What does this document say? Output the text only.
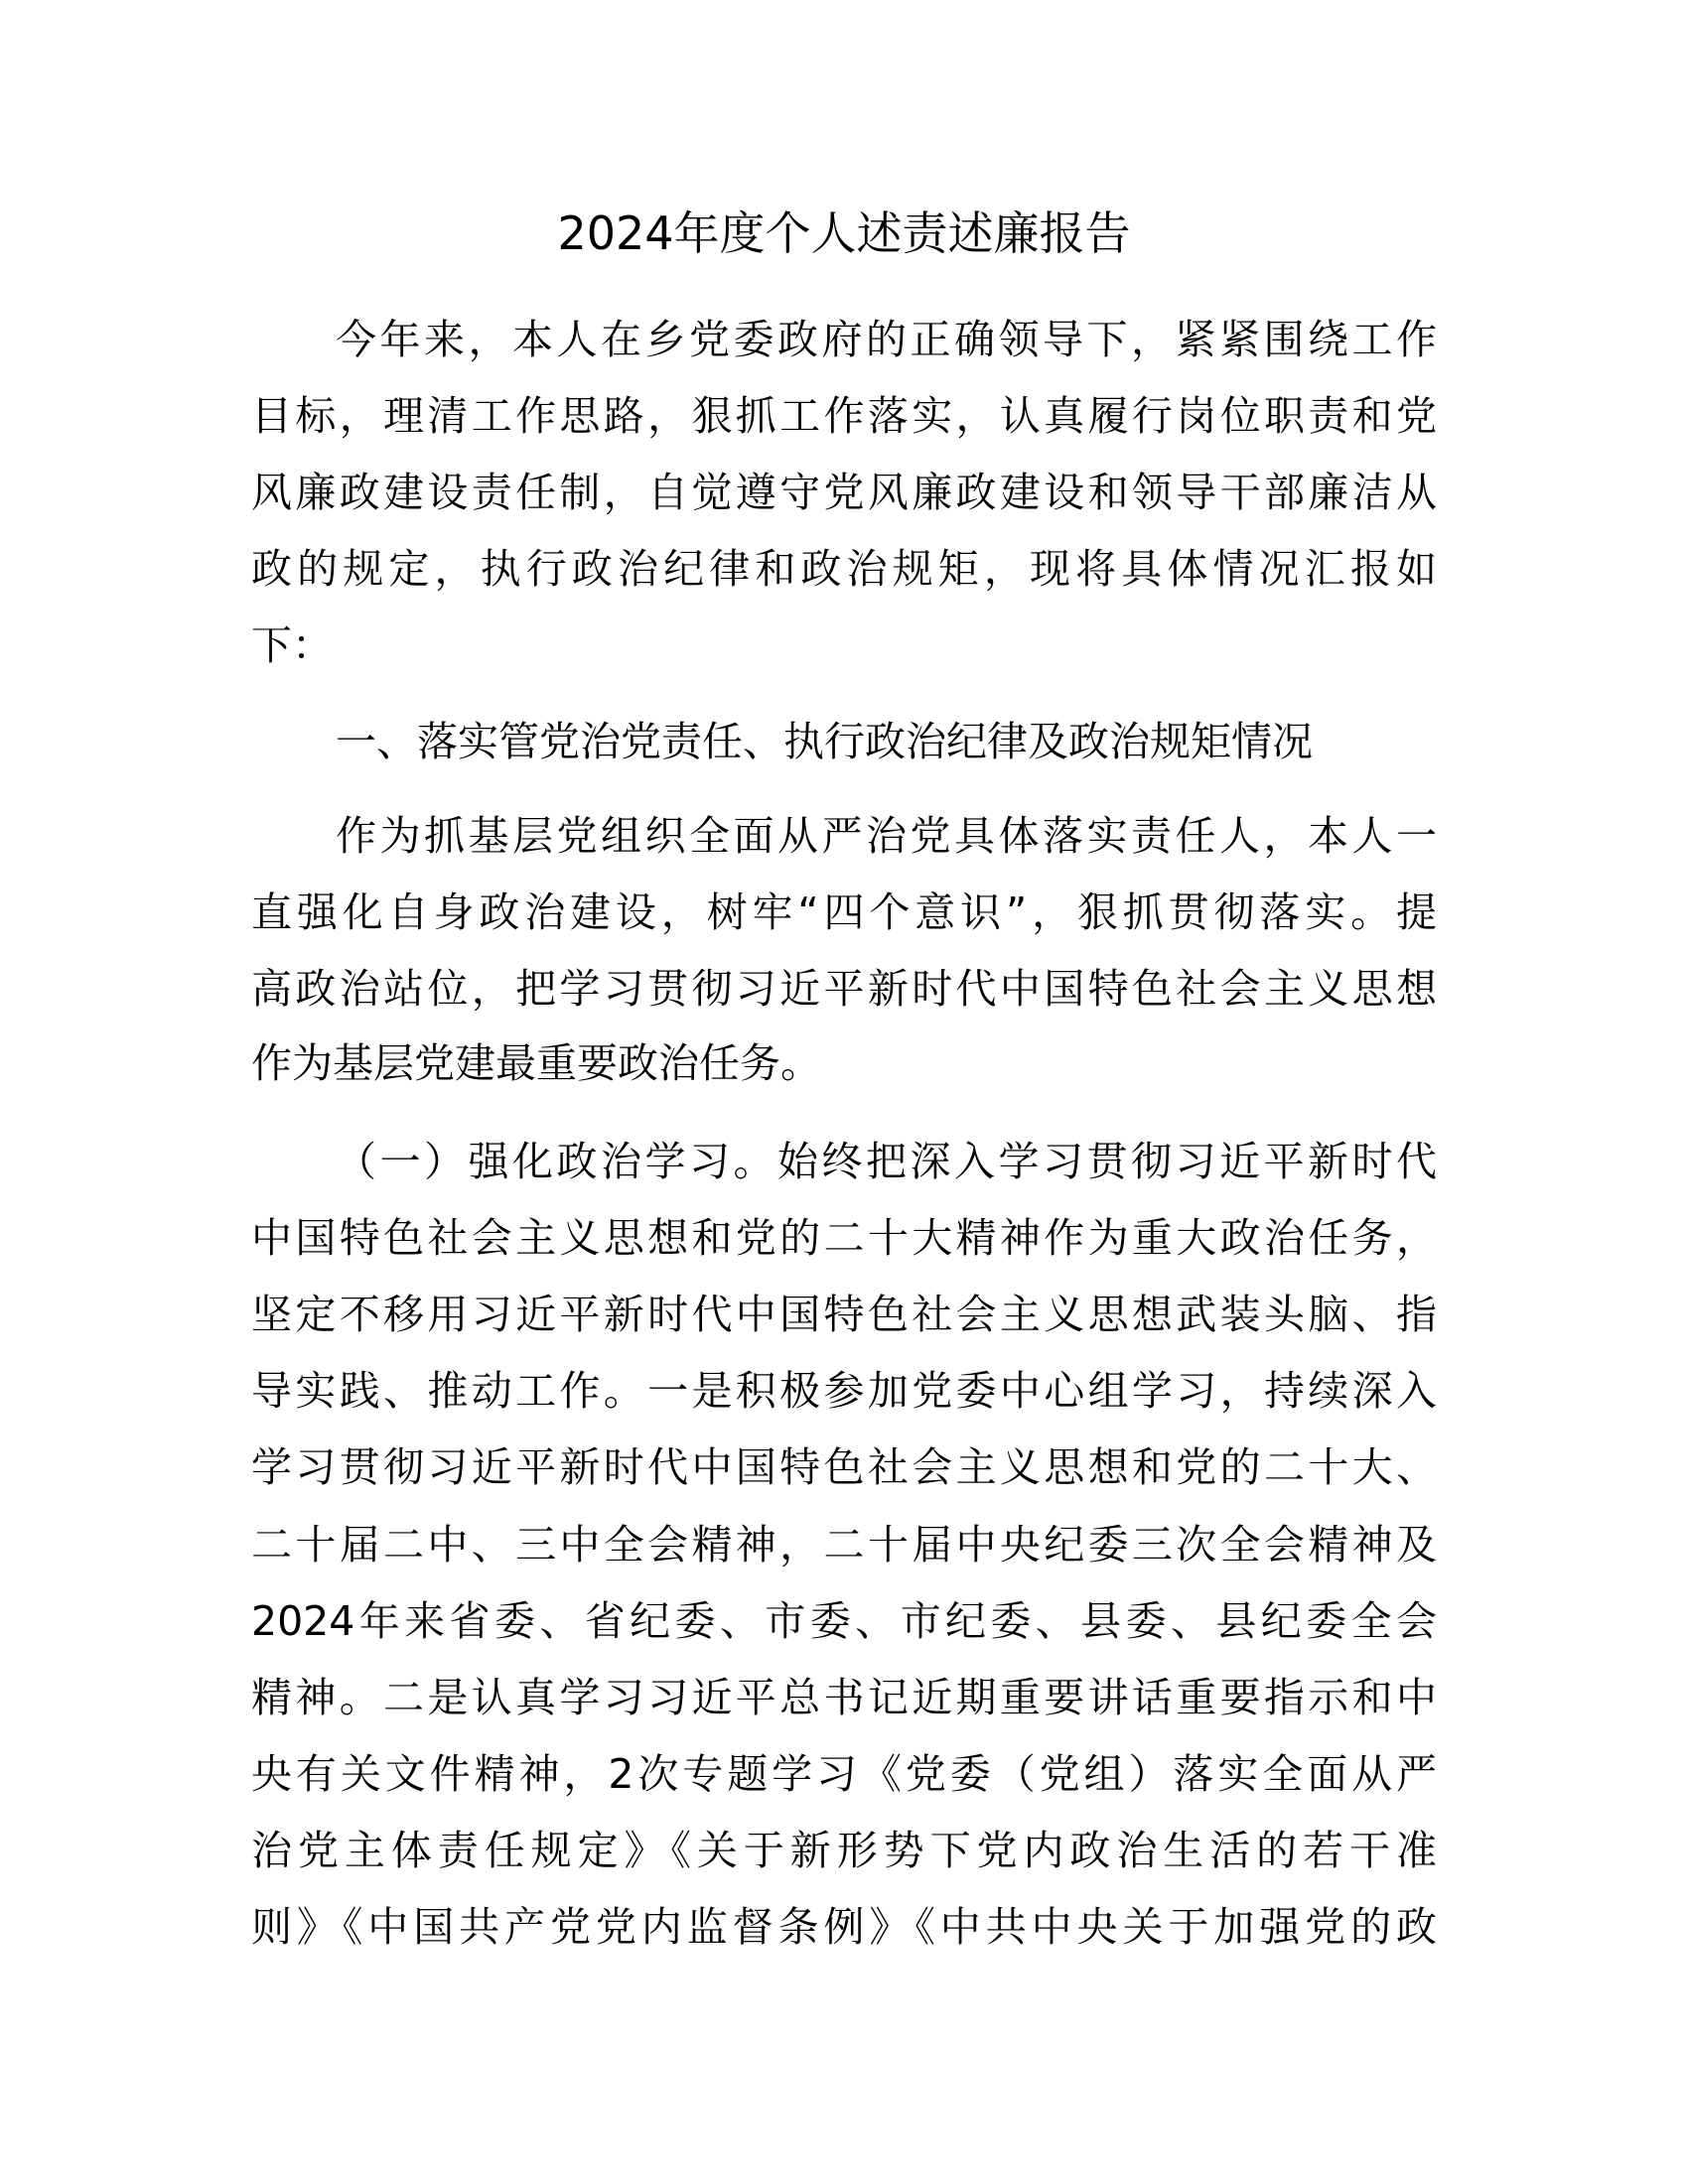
2024年度个人述责述廉报告
今年来，本人在乡党委政府的正确领导下，紧紧围绕工作
目标，理清工作思路，狠抓工作落实，认真履行岗位职责和党
风廉政建设责任制，自觉遵守党风廉政建设和领导干部廉洁从
政的规定，执行政治纪律和政治规矩，现将具体情况汇报如
下：
一、落实管党治党责任、执行政治纪律及政治规矩情况
作为抓基层党组织全面从严治党具体落实责任人，本人一
直强化自身政治建设，树牢“四个意识”，狠抓贯彻落实。提
高政治站位，把学习贯彻习近平新时代中国特色社会主义思想
作为基层党建最重要政治任务。
（一）强化政治学习。始终把深入学习贯彻习近平新时代
中国特色社会主义思想和党的二十大精神作为重大政治任务，
坚定不移用习近平新时代中国特色社会主义思想武装头脑、指
导实践、推动工作。一是积极参加党委中心组学习，持续深入
学习贯彻习近平新时代中国特色社会主义思想和党的二十大、
二十届二中、三中全会精神，二十届中央纪委三次全会精神及
2024年来省委、省纪委、市委、市纪委、县委、县纪委全会
精神。二是认真学习习近平总书记近期重要讲话重要指示和中
央有关文件精神，2次专题学习《党委（党组）落实全面从严
治党主体责任规定》《关于新形势下党内政治生活的若干准
则》《中国共产党党内监督条例》《中共中央关于加强党的政
